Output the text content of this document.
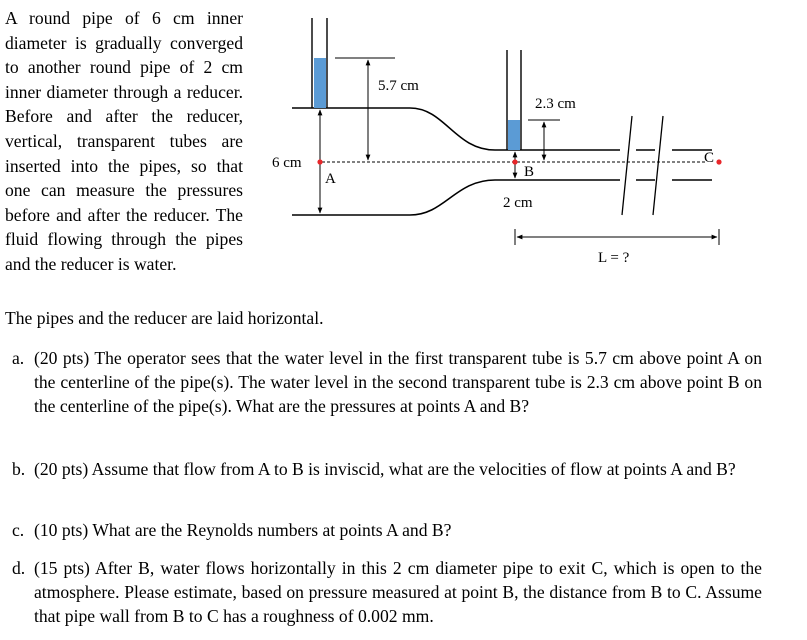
A round pipe of 6 cm inner diameter is gradually converged to another round pipe of 2 cm inner diameter through a reducer. Before and after the reducer, vertical, transparent tubes are inserted into the pipes, so that one can measure the pressures before and after the reducer. The fluid flowing through the pipes and the reducer is water.

The pipes and the reducer are laid horizontal.
5.7 cm
2.3 cm
6 cm
2 cm
A	B
C
L = ?
a. (20 pts) The operator sees that the water level in the first transparent tube is 5.7 cm above point A on the centerline of the pipe(s). The water level in the second transparent tube is 2.3 cm above point B on the centerline of the pipe(s). What are the pressures at points A and B?
b. (20 pts) Assume that flow from A to B is inviscid, what are the velocities of flow at points A and B?
c. (10 pts) What are the Reynolds numbers at points A and B?
d. (15 pts) After B, water flows horizontally in this 2 cm diameter pipe to exit C, which is open to the atmosphere. Please estimate, based on pressure measured at point B, the distance from B to C. Assume that pipe wall from B to C has a roughness of 0.002 mm.
